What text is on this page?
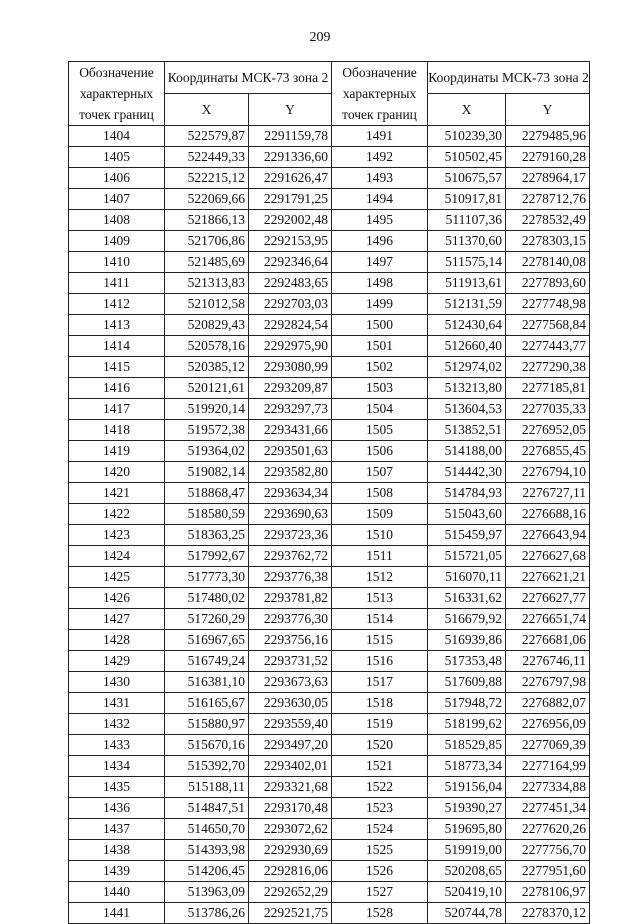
209
Обозначение характерных точек границ	Координаты МСК-73 зона 2		Обозначение характерных точек границ	Координаты МСК-73 зона 2	
	X	Y		X	Y
1404	522579,87	2291159,78	1491	510239,30	2279485,96
1405	522449,33	2291336,60	1492	510502,45	2279160,28
1406	522215,12	2291626,47	1493	510675,57	2278964,17
1407	522069,66	2291791,25	1494	510917,81	2278712,76
1408	521866,13	2292002,48	1495	511107,36	2278532,49
1409	521706,86	2292153,95	1496	511370,60	2278303,15
1410	521485,69	2292346,64	1497	511575,14	2278140,08
1411	521313,83	2292483,65	1498	511913,61	2277893,60
1412	521012,58	2292703,03	1499	512131,59	2277748,98
1413	520829,43	2292824,54	1500	512430,64	2277568,84
1414	520578,16	2292975,90	1501	512660,40	2277443,77
1415	520385,12	2293080,99	1502	512974,02	2277290,38
1416	520121,61	2293209,87	1503	513213,80	2277185,81
1417	519920,14	2293297,73	1504	513604,53	2277035,33
1418	519572,38	2293431,66	1505	513852,51	2276952,05
1419	519364,02	2293501,63	1506	514188,00	2276855,45
1420	519082,14	2293582,80	1507	514442,30	2276794,10
1421	518868,47	2293634,34	1508	514784,93	2276727,11
1422	518580,59	2293690,63	1509	515043,60	2276688,16
1423	518363,25	2293723,36	1510	515459,97	2276643,94
1424	517992,67	2293762,72	1511	515721,05	2276627,68
1425	517773,30	2293776,38	1512	516070,11	2276621,21
1426	517480,02	2293781,82	1513	516331,62	2276627,77
1427	517260,29	2293776,30	1514	516679,92	2276651,74
1428	516967,65	2293756,16	1515	516939,86	2276681,06
1429	516749,24	2293731,52	1516	517353,48	2276746,11
1430	516381,10	2293673,63	1517	517609,88	2276797,98
1431	516165,67	2293630,05	1518	517948,72	2276882,07
1432	515880,97	2293559,40	1519	518199,62	2276956,09
1433	515670,16	2293497,20	1520	518529,85	2277069,39
1434	515392,70	2293402,01	1521	518773,34	2277164,99
1435	515188,11	2293321,68	1522	519156,04	2277334,88
1436	514847,51	2293170,48	1523	519390,27	2277451,34
1437	514650,70	2293072,62	1524	519695,80	2277620,26
1438	514393,98	2292930,69	1525	519919,00	2277756,70
1439	514206,45	2292816,06	1526	520208,65	2277951,60
1440	513963,09	2292652,29	1527	520419,10	2278106,97
1441	513786,26	2292521,75	1528	520744,78	2278370,12
